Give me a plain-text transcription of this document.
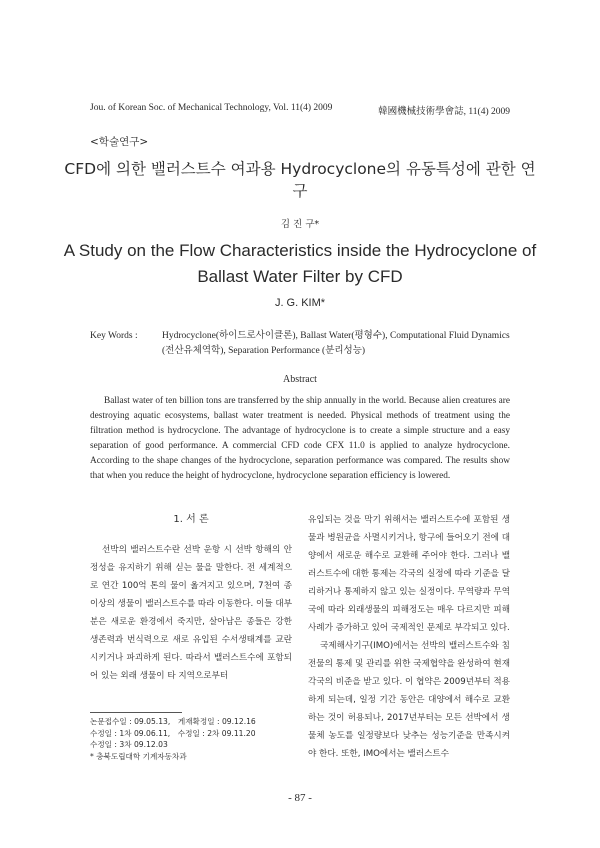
Jou. of Korean Soc. of Mechanical Technology, Vol. 11(4) 2009	韓國機械技術學會誌, 11(4) 2009
<학술연구>
CFD에 의한 밸러스트수 여과용 Hydrocyclone의 유동특성에 관한 연구
김 진 구*
A Study on the Flow Characteristics inside the Hydrocyclone of Ballast Water Filter by CFD
J. G. KIM*
Key Words :	Hydrocyclone(하이드로사이클론), Ballast Water(평형수), Computational Fluid Dynamics (전산유체역학), Separation Performance (분리성능)
Abstract
Ballast water of ten billion tons are transferred by the ship annually in the world. Because alien creatures are destroying aquatic ecosystems, ballast water treatment is needed. Physical methods of treatment using the filtration method is hydrocyclone. The advantage of hydrocyclone is to create a simple structure and a easy separation of good performance. A commercial CFD code CFX 11.0 is applied to analyze hydrocyclone. According to the shape changes of the hydrocyclone, separation performance was compared. The results show that when you reduce the height of hydrocyclone, hydrocyclone separation efficiency is lowered.
1. 서 론

선박의 밸러스트수란 선박 운항 시 선박 항해의 안정성을 유지하기 위해 싣는 물을 말한다. 전 세계적으로 연간 100억 톤의 물이 옮겨지고 있으며, 7천여 종 이상의 생물이 밸러스트수를 따라 이동한다. 이들 대부분은 새로운 환경에서 죽지만, 살아남은 종들은 강한 생존력과 번식력으로 새로 유입된 수서생태계를 교란시키거나 파괴하게 된다. 따라서 밸러스트수에 포함되어 있는 외래 생물이 타 지역으로부터

유입되는 것을 막기 위해서는 밸러스트수에 포함된 생물과 병원균을 사멸시키거나, 항구에 들어오기 전에 대양에서 새로운 해수로 교환해 주어야 한다. 그러나 밸러스트수에 대한 통제는 각국의 실정에 따라 기준을 달리하거나 통제하지 않고 있는 실정이다. 무역량과 무역국에 따라 외래생물의 피해정도는 매우 다르지만 피해사례가 증가하고 있어 국제적인 문제로 부각되고 있다.

국제해사기구(IMO)에서는 선박의 밸러스트수와 침전물의 통제 및 관리를 위한 국제협약을 완성하여 현재 각국의 비준을 받고 있다. 이 협약은 2009년부터 적용하게 되는데, 일정 기간 동안은 대양에서 해수로 교환하는 것이 허용되나, 2017년부터는 모든 선박에서 생물체 농도를 일정량보다 낮추는 성능기준을 만족시켜야 한다. 또한, IMO에서는 밸러스트수

논문접수일 : 09.05.13,　게재확정일 : 09.12.16
수정일 : 1차 09.06.11,　수정일 : 2차 09.11.20
수정일 : 3차 09.12.03
* 충북도립대학 기계자동차과
- 87 -
